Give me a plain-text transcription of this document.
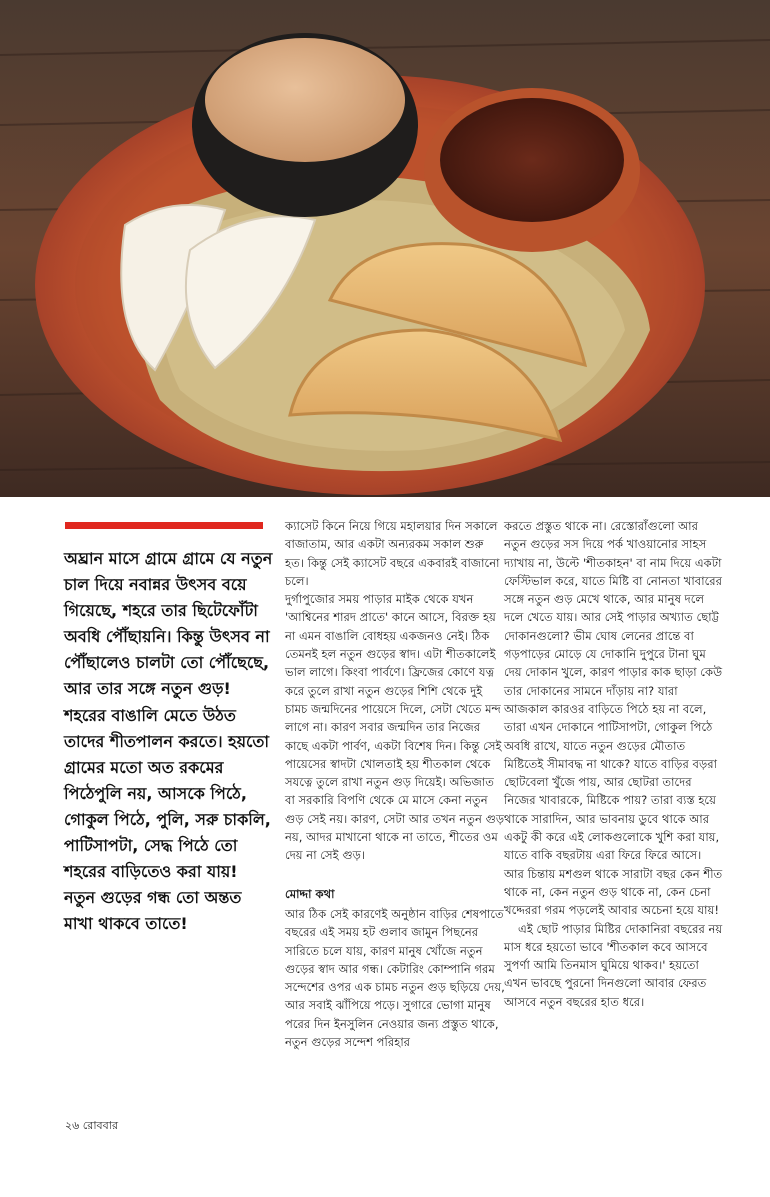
অঘ্রান মাসে গ্রামে গ্রামে যে নতুন চাল দিয়ে নবান্নর উৎসব বয়ে গিয়েছে, শহরে তার ছিটেফোঁটা অবধি পৌঁছায়নি। কিন্তু উৎসব না পৌঁছালেও চালটা তো পৌঁছেছে, আর তার সঙ্গে নতুন গুড়! শহরের বাঙালি মেতে উঠত তাদের শীতপালন করতে। হয়তো গ্রামের মতো অত রকমের পিঠেপুলি নয়, আসকে পিঠে, গোকুল পিঠে, পুলি, সরু চাকলি, পাটিসাপটা, সেদ্ধ পিঠে তো শহরের বাড়িতেও করা যায়! নতুন গুড়ের গন্ধ তো অন্তত মাখা থাকবে তাতে!

ক্যাসেট কিনে নিয়ে গিয়ে মহালয়ার দিন সকালে বাজাতাম, আর একটা অন্যরকম সকাল শুরু হত। কিন্তু সেই ক্যাসেট বছরে একবারই বাজানো চলে।

দুর্গাপুজোর সময় পাড়ার মাইক থেকে যখন 'আশ্বিনের শারদ প্রাতে' কানে আসে, বিরক্ত হয় না এমন বাঙালি বোধহয় একজনও নেই। ঠিক তেমনই হল নতুন গুড়ের স্বাদ। এটা শীতকালেই ভাল লাগে। কিংবা পার্বণে। ফ্রিজের কোণে যত্ন করে তুলে রাখা নতুন গুড়ের শিশি থেকে দুই চামচ জন্মদিনের পায়েসে দিলে, সেটা খেতে মন্দ লাগে না। কারণ সবার জন্মদিন তার নিজের কাছে একটা পার্বণ, একটা বিশেষ দিন। কিন্তু সেই পায়েসের স্বাদটা খোলতাই হয় শীতকাল থেকে সযত্নে তুলে রাখা নতুন গুড় দিয়েই। অভিজাত বা সরকারি বিপণি থেকে মে মাসে কেনা নতুন গুড় সেই নয়। কারণ, সেটা আর তখন নতুন গুড় নয়, আদর মাখানো থাকে না তাতে, শীতের ওম দেয় না সেই গুড়।

মোদ্দা কথা

আর ঠিক সেই কারণেই অনুষ্ঠান বাড়ির শেষপাতে বছরের এই সময় হট গুলাব জামুন পিছনের সারিতে চলে যায়, কারণ মানুষ খোঁজে নতুন গুড়ের স্বাদ আর গন্ধ। কেটারিং কোম্পানি গরম সন্দেশের ওপর এক চামচ নতুন গুড় ছড়িয়ে দেয়, আর সবাই ঝাঁপিয়ে পড়ে। সুগারে ভোগা মানুষ পরের দিন ইনসুলিন নেওয়ার জন্য প্রস্তুত থাকে, নতুন গুড়ের সন্দেশ পরিহার

করতে প্রস্তুত থাকে না। রেস্তোরাঁগুলো আর নতুন গুড়ের সস দিয়ে পর্ক খাওয়ানোর সাহস দ্যাখায় না, উল্টে 'শীতকাহন' বা নাম দিয়ে একটা ফেস্টিভাল করে, যাতে মিষ্টি বা নোনতা খাবারের সঙ্গে নতুন গুড় মেখে থাকে, আর মানুষ দলে দলে খেতে যায়। আর সেই পাড়ার অখ্যাত ছোট্ট দোকানগুলো? ভীম ঘোষ লেনের প্রান্তে বা গড়পাড়ের মোড়ে যে দোকানি দুপুরে টানা ঘুম দেয় দোকান খুলে, কারণ পাড়ার কাক ছাড়া কেউ তার দোকানের সামনে দাঁড়ায় না? যারা আজকাল কারওর বাড়িতে পিঠে হয় না বলে, তারা এখন দোকানে পাটিসাপটা, গোকুল পিঠে অবধি রাখে, যাতে নতুন গুড়ের মৌতাত মিষ্টিতেই সীমাবদ্ধ না থাকে? যাতে বাড়ির বড়রা ছোটবেলা খুঁজে পায়, আর ছোটরা তাদের নিজের খাবারকে, মিষ্টিকে পায়? তারা ব্যস্ত হয়ে থাকে সারাদিন, আর ভাবনায় ডুবে থাকে আর একটু কী করে এই লোকগুলোকে খুশি করা যায়, যাতে বাকি বছরটায় এরা ফিরে ফিরে আসে। আর চিন্তায় মশগুল থাকে সারাটা বছর কেন শীত থাকে না, কেন নতুন গুড় থাকে না, কেন চেনা খদ্দেররা গরম পড়লেই আবার অচেনা হয়ে যায়!

এই ছোট পাড়ার মিষ্টির দোকানিরা বছরের নয় মাস ধরে হয়তো ভাবে 'শীতকাল কবে আসবে সুপর্ণা আমি তিনমাস ঘুমিয়ে থাকব।' হয়তো এখন ভাবছে পুরনো দিনগুলো আবার ফেরত আসবে নতুন বছরের হাত ধরে।

২৬ রোববার
